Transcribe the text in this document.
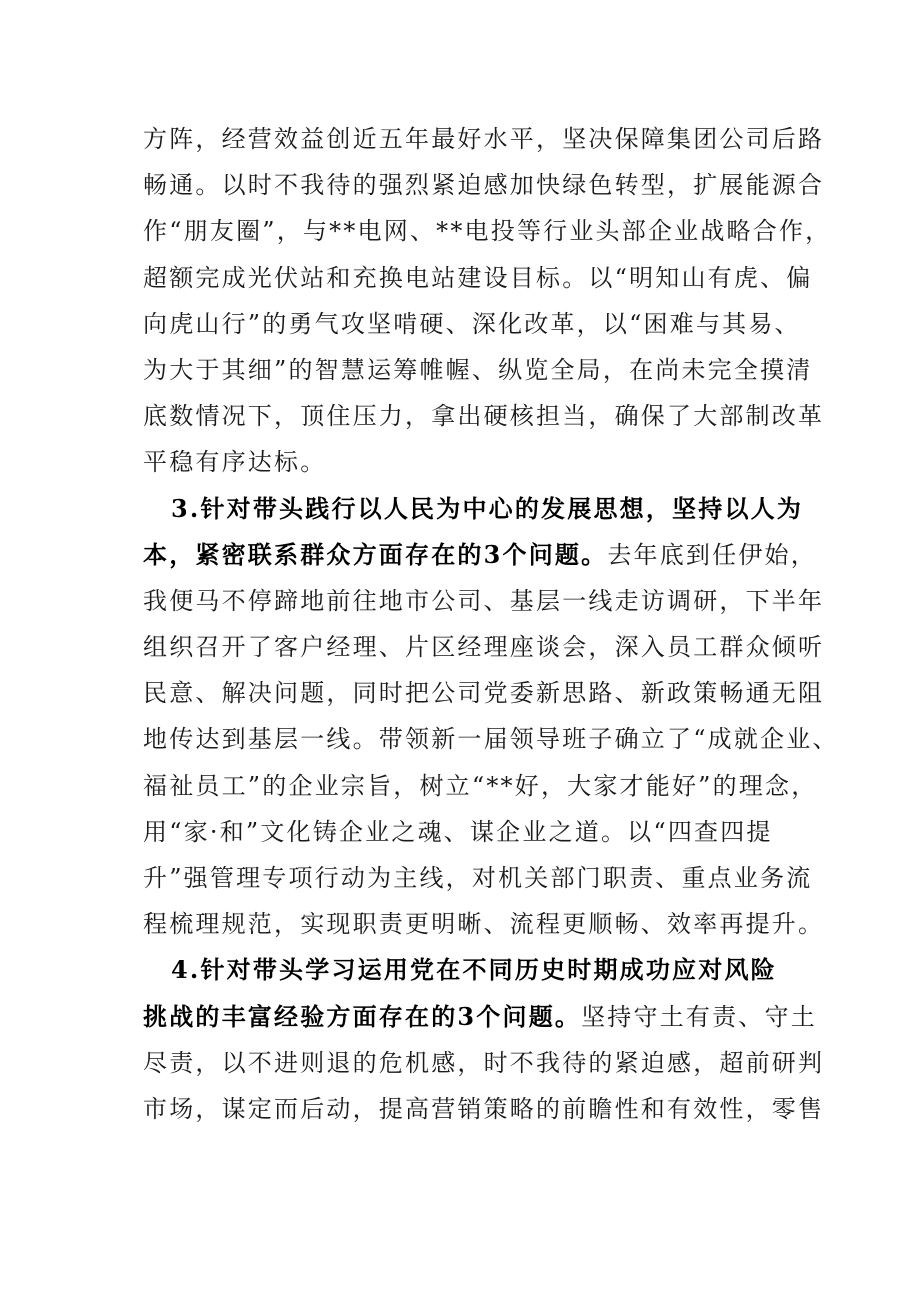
方阵，经营效益创近五年最好水平，坚决保障集团公司后路
畅通。以时不我待的强烈紧迫感加快绿色转型，扩展能源合
作“朋友圈”，与**电网、**电投等行业头部企业战略合作，
超额完成光伏站和充换电站建设目标。以“明知山有虎、偏
向虎山行”的勇气攻坚啃硬、深化改革，以“困难与其易、
为大于其细”的智慧运筹帷幄、纵览全局，在尚未完全摸清
底数情况下，顶住压力，拿出硬核担当，确保了大部制改革
平稳有序达标。
3.针对带头践行以人民为中心的发展思想，坚持以人为
本，紧密联系群众方面存在的3个问题。去年底到任伊始，
我便马不停蹄地前往地市公司、基层一线走访调研，下半年
组织召开了客户经理、片区经理座谈会，深入员工群众倾听
民意、解决问题，同时把公司党委新思路、新政策畅通无阻
地传达到基层一线。带领新一届领导班子确立了“成就企业、
福祉员工”的企业宗旨，树立“**好，大家才能好”的理念，
用“家·和”文化铸企业之魂、谋企业之道。以“四查四提
升”强管理专项行动为主线，对机关部门职责、重点业务流
程梳理规范，实现职责更明晰、流程更顺畅、效率再提升。
4.针对带头学习运用党在不同历史时期成功应对风险
挑战的丰富经验方面存在的3个问题。坚持守土有责、守土
尽责，以不进则退的危机感，时不我待的紧迫感，超前研判
市场，谋定而后动，提高营销策略的前瞻性和有效性，零售
